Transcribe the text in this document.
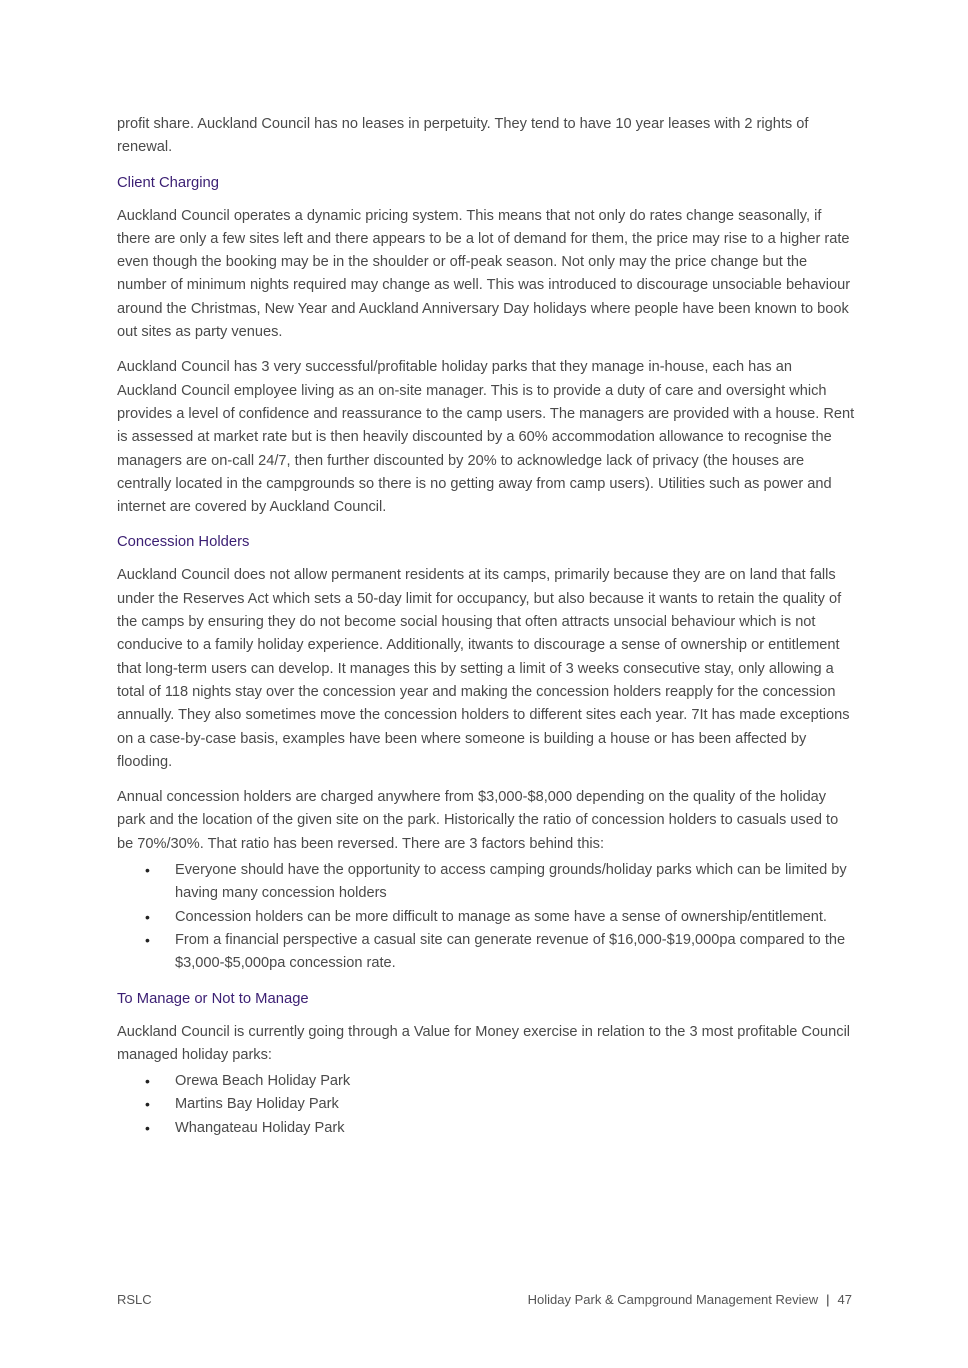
profit share. Auckland Council has no leases in perpetuity. They tend to have 10 year leases with 2 rights of renewal.

Client Charging

Auckland Council operates a dynamic pricing system. This means that not only do rates change seasonally, if there are only a few sites left and there appears to be a lot of demand for them, the price may rise to a higher rate even though the booking may be in the shoulder or off-peak season. Not only may the price change but the number of minimum nights required may change as well. This was introduced to discourage unsociable behaviour around the Christmas, New Year and Auckland Anniversary Day holidays where people have been known to book out sites as party venues.

Auckland Council has 3 very successful/profitable holiday parks that they manage in-house, each has an Auckland Council employee living as an on-site manager. This is to provide a duty of care and oversight which provides a level of confidence and reassurance to the camp users. The managers are provided with a house. Rent is assessed at market rate but is then heavily discounted by a 60% accommodation allowance to recognise the managers are on-call 24/7, then further discounted by 20% to acknowledge lack of privacy (the houses are centrally located in the campgrounds so there is no getting away from camp users). Utilities such as power and internet are covered by Auckland Council.

Concession Holders

Auckland Council does not allow permanent residents at its camps, primarily because they are on land that falls under the Reserves Act which sets a 50-day limit for occupancy, but also because it wants to retain the quality of the camps by ensuring they do not become social housing that often attracts unsocial behaviour which is not conducive to a family holiday experience. Additionally, itwants to discourage a sense of ownership or entitlement that long-term users can develop. It manages this by setting a limit of 3 weeks consecutive stay, only allowing a total of 118 nights stay over the concession year and making the concession holders reapply for the concession annually. They also sometimes move the concession holders to different sites each year. 7It has made exceptions on a case-by-case basis, examples have been where someone is building a house or has been affected by flooding.

Annual concession holders are charged anywhere from $3,000-$8,000 depending on the quality of the holiday park and the location of the given site on the park. Historically the ratio of concession holders to casuals used to be 70%/30%. That ratio has been reversed. There are 3 factors behind this:

• Everyone should have the opportunity to access camping grounds/holiday parks which can be limited by having many concession holders
• Concession holders can be more difficult to manage as some have a sense of ownership/entitlement.
• From a financial perspective a casual site can generate revenue of $16,000-$19,000pa compared to the $3,000-$5,000pa concession rate.
To Manage or Not to Manage

Auckland Council is currently going through a Value for Money exercise in relation to the 3 most profitable Council managed holiday parks:

• Orewa Beach Holiday Park
• Martins Bay Holiday Park
• Whangateau Holiday Park
RSLC	Holiday Park & Campground Management Review | 47
